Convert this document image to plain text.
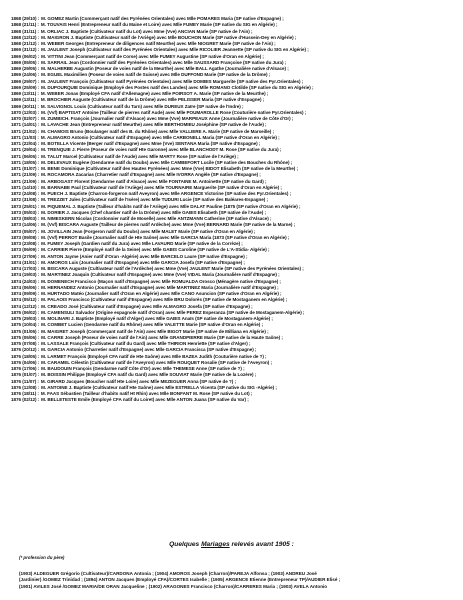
1868 (29/10) : M. GOMEZ Martin (Commerçant natif des Pyrénées Orientales) avec Mlle POMARES Maria (SP native d'Espagne) ;
1868 (21/11) : M. TOUVAIS Henri (Entrepreneur natif du Maine et Loire) avec Mlle FUMEY Marie (SP native du SIG en Algérie) ;
1868 (31/11) : M. ORLIAC J. Baptiste (Cultivateur natif du Lot) avec Mme (Vve) ANCIAN Marie (SP native de l'Ain) ;
1868 (12/12) : M. MAIGRON J. Baptiste (Cultivateur natif de l'Ariège) avec Mlle BOUCHON Marie (SP native d'Hussein-Dey en Algérie) ;
1868 (21/12) : M. WEBER Georges (Entrepreneur de diligences natif Meurthe) avec Mlle NIOGRET Marie (SP native de l'Ain) ;
1869 (31/12) : M. JAULENT Joseph (Cultivateur natif des Pyrénées Orientales) avec Mlle RICOLIER Jeannette (SP native du SIG en Algérie) ;
1869 (06/02) : M. VITTINI Jean (Commerçant natif de Corse) avec Mlle FUMEY Augustine (SP native d'Oran en Algérie) ;
1869 (05/05) : M. SARRAIL Jean (Cordonnier natif des Pyrénées Orientales) avec Mlle SAUSSARD Françoise (SP native du Jura) ;
1869 (29/05) : M. MALHERBE Augustin (Poseur de voies natif de la Meurthe) avec Mlle BALL Agathe (Journalière native d'Alsace) ;
1869 (24/06) : M. EGUEL Maximilien (Poseur de voies natif de Suisse) avec Mlle DUFFOND Marie (SP native de la Drôme) ;
1869 (29/07) : M. JAULENT François (Cultivateur natif Pyrénées Orientales) avec Mlle DOMBIS Marguerite (SP native des Pyr.Orientales) ;
1869 (25/09) : M. DUPOURQUIE Dominique (Employé des Postes natif des Landes) avec Mlle ROMANO Clotilde (SP native du SIG en Algérie) ;
1869 (13/11) : M. WEBER Jonas (Employé CFA natif d'Allemagne) avec Mlle POIRSOT A. Marie (SP native de la Meurthe) ;
1869 (13/11) : M. BROCHIER Auguste (Cultivateur natif de la Drôme) avec Mlle PELISSER Maria (SP native d'Espagne) ;
1869 (30/11) : M. SALVIGNOL Louis (Cultivateur natif du Tarn) avec Mlle DUREUX Zaïre (SP native de l'Indre) ;
1870 (12/03) : M. (Vvf) BAPTISAT Antoine (Tailleur de pierres natif Aude) avec Mlle POUMAROLLE Rose (Couturière native Pyr.Orientales) ;
1870 (02/07) : M. ZUMBICH. François (Journalier natif d'Alsace) avec Mme (Vve) MARPEAUX Anne (Journalière native de Côte d'Or) ;
1871 (14/01) : M. LAVACHE Jean (Entrepreneur natif Meurthe) avec Mlle BERTHOMIEU Joséphine (SP native de l'Aude) ;
1871 (21/02) : M. CHAMOIS Bruno (Boulanger natif des B. du Rhône) avec Mlle VALLIERE A. Marie (SP native de Marseille) ;
1871 (11/03) : M. ALMAGRO Antonio (Cultivateur natif d'Espagne) avec Mlle CARBONELL Maria (SP native d'Oran en Algérie) ;
1871 (22/04) : M. BOTELLA Vicente (Berger natif d'Espagne) avec Mme (Vve) SENTANA Maria (SP native d'Espagne) ;
1871 (29/04) : M. TRENQUIE J. Pierre (Poseur de voies natif Hte Garonne) avec Mlle BLANCHODT M. Rose (SP native du Jura) ;
1871 (06/05) : M. TALUT Marcel (Cultivateur natif de l'Aude) avec Mlle MARTY Rose (SP native de l'Ariège) ;
1871 (18/05) : M. DELEVAUX Eugène (Gendarme natif du Doubs) avec Mlle CAMBEFORT Lucile (SP native des Bouches du Rhône) ;
1871 (01/07) : M. BENE Dominique (Cultivateur natif des Hautes Pyrénées) avec Mme (Vve) BIDOT Elisabeth (SP native de la Meurthe) ;
1871 (21/09) : M. ROCAMORA Zacarias (Charretier natif d'Espagne) avec Mlle IVORRA Angèle (SP native d'Espagne) ;
1871 (21/09) : M. ARBOGAST Florent (Gendarme natif d'Alsace) avec Mlle FONTAINE M. Antoinette (SP native du Gard) ;
1871 (14/10) : M. BARNABE Paul (Cultivateur natif de l'Ariège) avec Mlle TOURNAIRE Marguerite (SP native d'Oran en Algérie) ;
1872 (24/08) : M. PUECH J. Baptiste (Charron-forgeron natif Aveyron) avec Mlle ARGENCE Victorine (SP native des Pyr.Orientales) ;
1872 (31/08) : M. TREZZET Jules (Cultivateur natif de l'Isère) avec Mlle TUDURI Lucie (SP native des Baléares-Espagne) ;
1873 (25/01) : M. PIQUEMAL J. Baptiste (Tailleur d'habits natif de l'Ariège) avec Mlle DALAT Pauline (1875 (SP native d'Oran en Algérie) ;
1873 (05/03) : M. DORIER J. Jacques (Chef chantier natif de la Drôme) avec Mlle GABIS Elisabeth (SP native de l'Aude) ;
1873 (08/03) : M. NIMESKERN Nicolas (Cordonnier natif de Moselle) avec Mlle ANTZMANN Catherine (SP native d'Alsace) ;
1873 (14/06) : M. (Vvf) BISCARA Auguste (Tailleur de pierres natif Ardèche) avec Mme (Vve) BERNARD Marie (SP native de la Marne) ;
1873 (05/07) : M. JOVILLAIN Jean (Forgeron natif du Doubs) avec Mlle MALET Marie (SP native d'Oran en Algérie) ;
1873 (09/08) : M. (Vvf) PERROT Basile (Journalier natif de Hte Saône) avec Mlle GARCIA Maria (1873 (SP native d'Oran en Algérie) ;
1873 (23/08) : M. FUMEY Joseph (Gardien natif du Jura) avec Mlle LAVAURD Marie (SP native de la Corrèze) ;
1873 (06/09) : M. CARRIER Pierre (Employé natif de la Seine) avec Mlle GABIS Caroline (SP native de L'A-Stidia- Algérie) ;
1873 (27/09) : M. ANTON Jayme (Anier natif d'Oran -Algérie) avec Mlle BARCELO Laure (SP native d'Espagne) ;
1874 (31/01) : M. AMOROS Luis (Journalier natif d'Espagne) avec Mlle GARCIA Josefa (SP native d'Espagne) ;
1874 (17/03) : M. BISCARA Auguste (Cultivateur natif de l'Ardèche) avec Mme (Vve) JAULENT Marie (SP native des Pyrénées Orientales) ;
1874 (19/03) : M. MARTINEZ Joaquin (Cultivateur natif d'Espagne) avec Mme (Vve) VIDAL Maria (Journalière natif d'Espagne) ;
1874 (24/03) : M. DOMENECH Francisco (Maçon natif d'Espagne) avec Mlle ROMUALDA Orosco (Ménagère native d'Espagne) ;
1874 (06/06) : M. HERNANDEZ Antonio (Journalier natif d'Espagne) avec Mlle MARTINEZ Maria (Journalière natif d'Espagne) ;
1874 (09/09) : M. HURTADO Matéo (Journalier natif d'Oran en Algérie) avec Mlle CANO Asuncion (SP native d'Oran en Algérie) ;
1874 (05/12) : M. PALAOIS Francisco (Cultivateur natif d'Espagne) avec Mlle BRU Dolorès (SP native de Mostaganem en Algérie) ;
1874 (12/12) : M. CREADO José (Cultivateur natif d'Espagne) avec Mlle ALMAGRO Josefa (SP native d'Espagne) ;
1875 (06/02) : M. CAMENSULI Salvador (Origine espagnole natif d'Oran) avec Mlle PEREZ Esperanza (SP native de Mostaganem-Algérie) ;
1875 (29/03) : M. MOLINARI J. Baptiste (Employé natif d'Alger) avec Mlle GABIS Anaïs (SP native de Mostaganem-Algérie) ;
1875 (10/04) : M. COMBET Lucien (Gendarme natif du Rhône) avec Mlle VALETTE Marie (SP native d'Oran en Algérie) ;
1875 (01/05) : M. MAIGRET Joseph (Commerçant natif de l'Ain) avec Mlle BIGOT Marie (SP native de Milliana en Algérie) ;
1875 (05/06) : M. CARRE Joseph (Poseur de voies natif de l'Ain) avec Mlle GRANDPIERRE Marie (SP native de la Haute Saône) ;
1875 (07/08) : M. LASSALE François (Cultivateur natif du Gard) avec Mlle THIRION Henriette (SP native d'Alger) ;
1876 (20/12) : M. GARCIA Antonio (Charretier natif d'Espagne) avec Mlle GARCIA Francisca (SP native d'Espagne) ;
1876 (18/05) : M. LARMET François (Employé CFA natif de Hte Saône) avec Mlle BAZEA Judith (Couturière native de ?) ;
1876 (04/06) : M. CARAMEL Célestin (Cultivateur natif de l'Aveyron) avec Mlle ROUQUET Rosalie (SP native de l'Aveyron) ;
1876 (17/06) : M. BAUDOUIN François (Gendarme natif Côte d'Or) avec Mlle THEMESE Anne (SP native de ?) ;
1876 (01/07) : M. BOISSIN Philippe (Employé CFA natif du Gard) avec Mlle SOUVIAT Marie (SP native de la Lozère) ;
1876 (11/07) : M. GIRARD Jacques (Boucher natif Hte Loire) avec Mlle MEZEGUER Anna (SP native de ?) ;
1876 (12/08) : M. ANTOINE J. Baptiste (Cultivateur natif Hte Saône) avec Mlle ESTRELLA Vicenta (SP native du SIG -Algérie) ;
1876 (18/11) : M. FAAS Sébastien (Tailleur d'habits natif Ht Rhin) avec Mlle BONFANT M. Rose (SP native du Lot) ;
1876 (02/12) : M. BELLETESTE Emile (Employé CFA natif du Loiret) avec Mlle ANTON Juana (SP native du Var) ;

Quelques Mariages relevés avant 1905 :

(* profession du père)

(1903) ALDEGUER Grégorio (Cultivateur)/CARDONA Antonia ; (1904) AMOROS Joseph (Charron)/PAREJA Alfonsa ; (1903) ANDREU José
(Jardinier) /GOMEZ Trinidad ; (1894) ANTON Jacques (Employé CFA)/CORTES Isabelle ; (1905) ARGENCE Etienne (Entrepreneur TP)/AUDIER Elisé ;
(1901) AVILES José /GOMEZ MARIA/DE ORAN Jacqueline ; (1902) ARAGONES Francisco (Charron)/CARRERES Maria ; (1903) AVELA Antonio
